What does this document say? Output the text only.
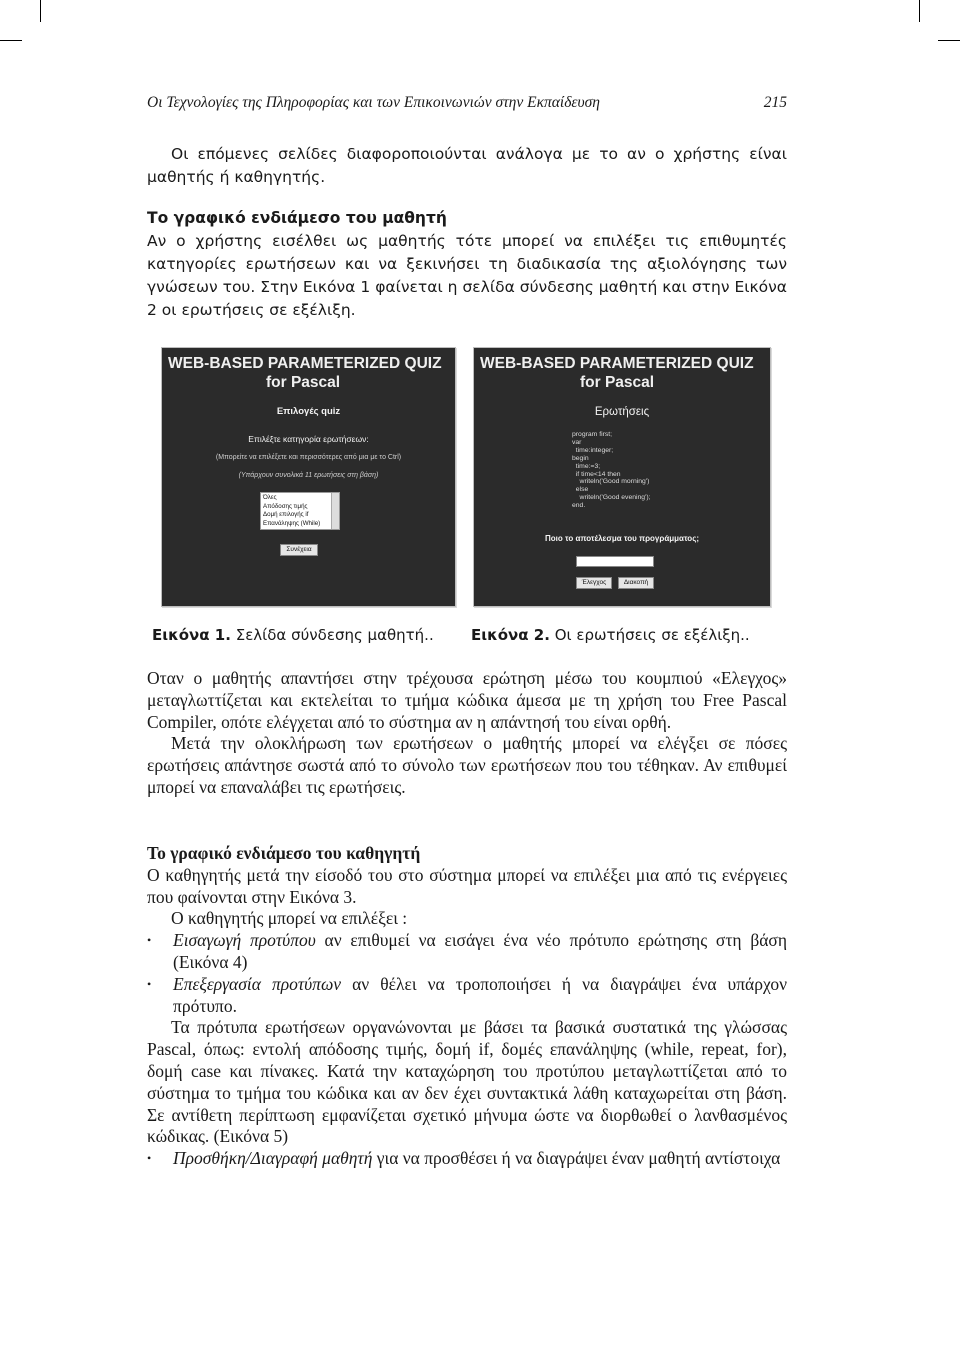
Οι Τεχνολογίες της Πληροφορίας και των Επικοινωνιών στην Εκπαίδευση	215
Οι επόμενες σελίδες διαφοροποιούνται ανάλογα με το αν ο χρήστης είναι μαθητής ή καθηγητής.
Το γραφικό ενδιάμεσο του μαθητή
Αν ο χρήστης εισέλθει ως μαθητής τότε μπορεί να επιλέξει τις επιθυμητές κατηγορίες ερωτήσεων και να ξεκινήσει τη διαδικασία της αξιολόγησης των γνώσεων του. Στην Εικόνα 1 φαίνεται η σελίδα σύνδεσης μαθητή και στην Εικόνα 2 οι ερωτήσεις σε εξέλιξη.
WEB-BASED PARAMETERIZED QUIZ
for Pascal
Επιλογές quiz
Επιλέξτε κατηγορία ερωτήσεων:
(Μπορείτε να επιλέξετε και περισσότερες από μια με το Ctrl)
(Υπάρχουν συνολικά 11 ερωτήσεις στη βάση)
Όλες
Απόδοσης τιμής
Δομή επιλογής if
Επανάληψης (While)
Συνέχεια
WEB-BASED PARAMETERIZED QUIZ
for Pascal
Ερωτήσεις
program first;
var
time:integer;
begin
time:=3;
if time<14 then
writeln('Good morning')
else
writeln('Good evening');
end.
Ποιο το αποτέλεσμα του προγράμματος;
Έλεγχος	Διακοπή
Εικόνα 1. Σελίδα σύνδεσης μαθητή.. Εικόνα 2. Οι ερωτήσεις σε εξέλιξη..
Οταν ο μαθητής απαντήσει στην τρέχουσα ερώτηση μέσω του κουμπιού «Ελεγχος» μεταγλωττίζεται και εκτελείται το τμήμα κώδικα άμεσα με τη χρήση του Free Pascal Compiler, οπότε ελέγχεται από το σύστημα αν η απάντησή του είναι ορθή.
Μετά την ολοκλήρωση των ερωτήσεων ο μαθητής μπορεί να ελέγξει σε πόσες ερωτήσεις απάντησε σωστά από το σύνολο των ερωτήσεων που του τέθηκαν. Αν επιθυμεί μπορεί να επαναλάβει τις ερωτήσεις.
Το γραφικό ενδιάμεσο του καθηγητή
Ο καθηγητής μετά την είσοδό του στο σύστημα μπορεί να επιλέξει μια από τις ενέργειες που φαίνονται στην Εικόνα 3.
Ο καθηγητής μπορεί να επιλέξει :
• Εισαγωγή προτύπου αν επιθυμεί να εισάγει ένα νέο πρότυπο ερώτησης στη βάση (Εικόνα 4)
• Επεξεργασία προτύπων αν θέλει να τροποποιήσει ή να διαγράψει ένα υπάρχον πρότυπο.
Τα πρότυπα ερωτήσεων οργανώνονται με βάσει τα βασικά συστατικά της γλώσσας Pascal, όπως: εντολή απόδοσης τιμής, δομή if, δομές επανάληψης (while, repeat, for), δομή case και πίνακες. Κατά την καταχώρηση του προτύπου μεταγλωττίζεται από το σύστημα το τμήμα του κώδικα και αν δεν έχει συντακτικά λάθη καταχωρείται στη βάση. Σε αντίθετη περίπτωση εμφανίζεται σχετικό μήνυμα ώστε να διορθωθεί ο λανθασμένος κώδικας. (Εικόνα 5)
• Προσθήκη/Διαγραφή μαθητή για να προσθέσει ή να διαγράψει έναν μαθητή αντίστοιχα
